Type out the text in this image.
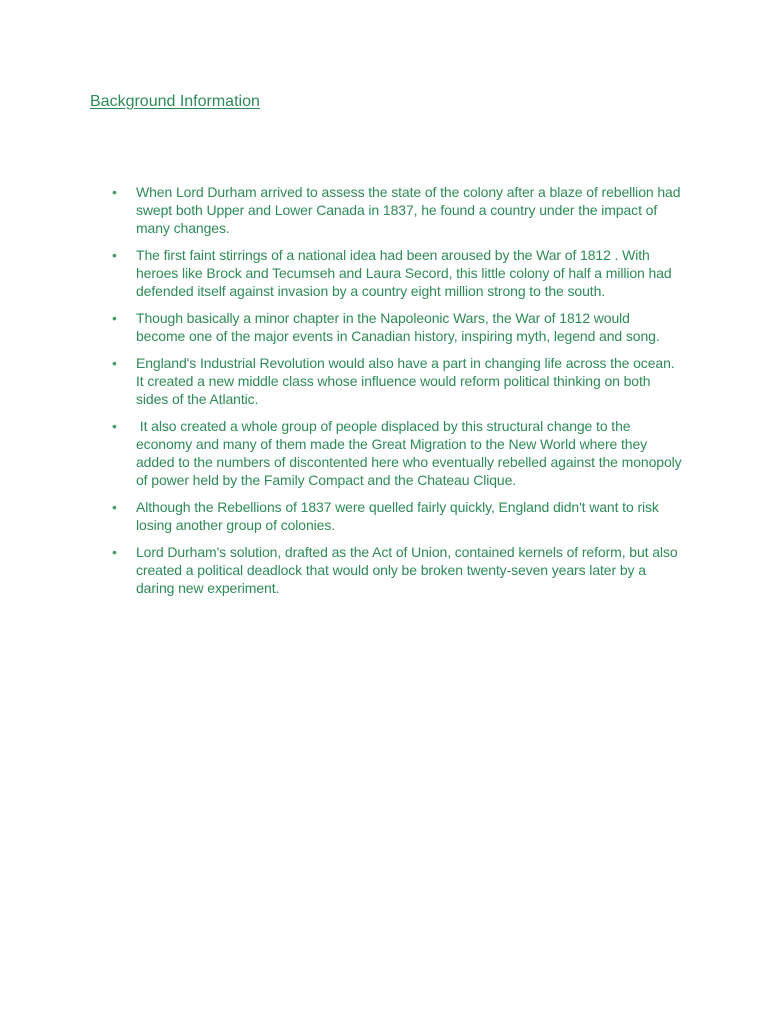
Background Information
• When Lord Durham arrived to assess the state of the colony after a blaze of rebellion had swept both Upper and Lower Canada in 1837, he found a country under the impact of many changes.
• The first faint stirrings of a national idea had been aroused by the War of 1812 . With heroes like Brock and Tecumseh and Laura Secord, this little colony of half a million had defended itself against invasion by a country eight million strong to the south.
• Though basically a minor chapter in the Napoleonic Wars, the War of 1812 would become one of the major events in Canadian history, inspiring myth, legend and song.
• England's Industrial Revolution would also have a part in changing life across the ocean. It created a new middle class whose influence would reform political thinking on both sides of the Atlantic.
• It also created a whole group of people displaced by this structural change to the economy and many of them made the Great Migration to the New World where they added to the numbers of discontented here who eventually rebelled against the monopoly of power held by the Family Compact and the Chateau Clique.
• Although the Rebellions of 1837 were quelled fairly quickly, England didn't want to risk losing another group of colonies.
• Lord Durham's solution, drafted as the Act of Union, contained kernels of reform, but also created a political deadlock that would only be broken twenty-seven years later by a daring new experiment.
